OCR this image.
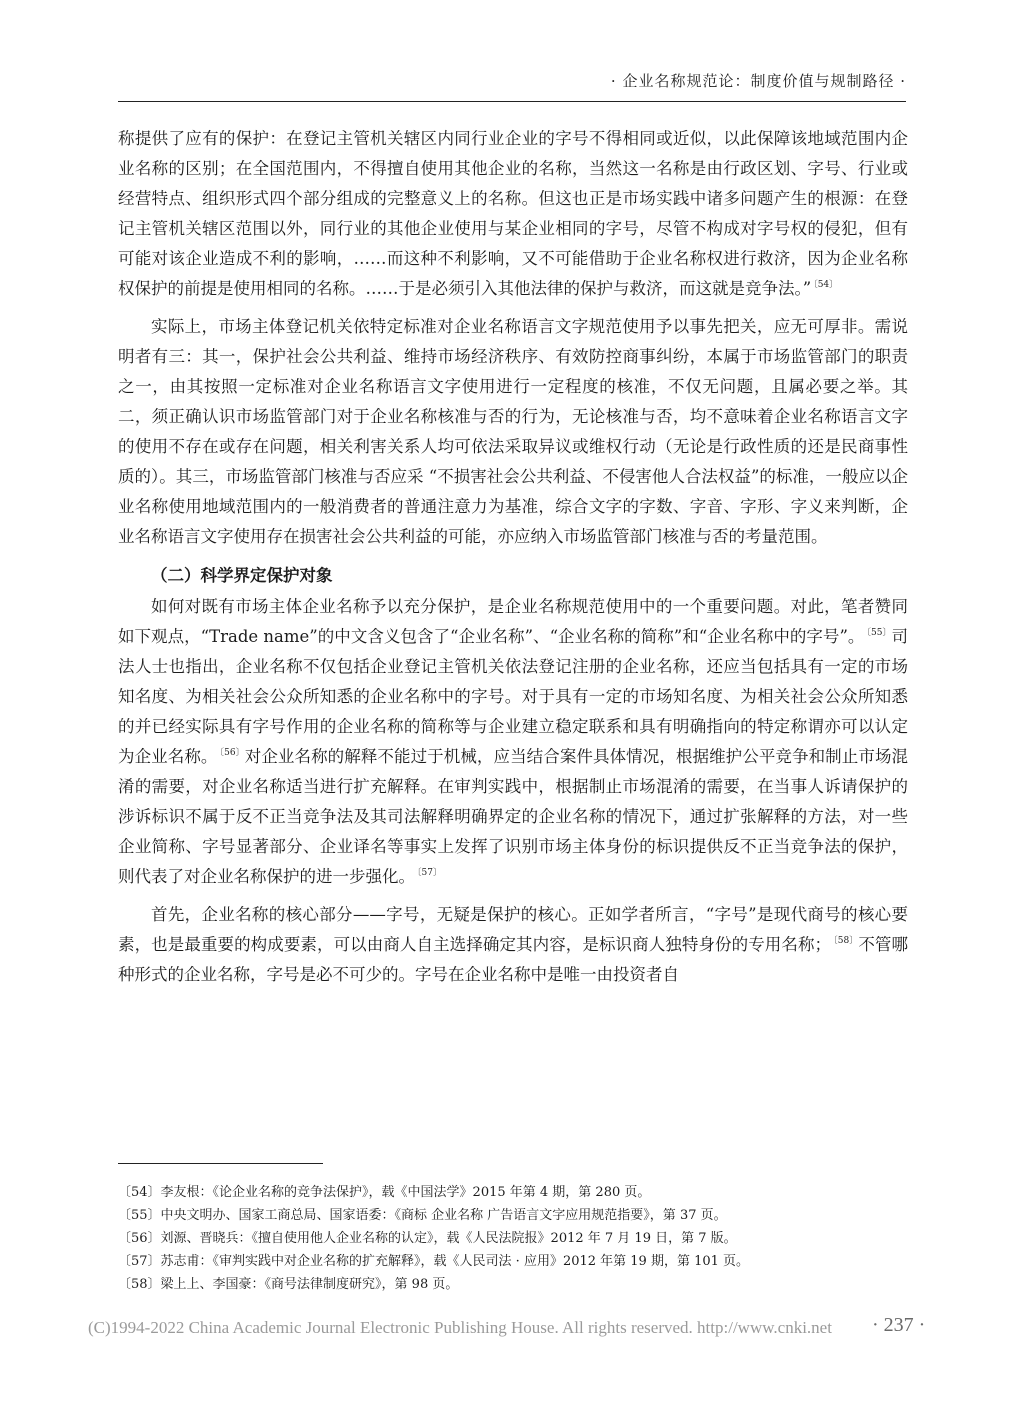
· 企业名称规范论：制度价值与规制路径 ·

称提供了应有的保护：在登记主管机关辖区内同行业企业的字号不得相同或近似，以此保障该地域范围内企业名称的区别；在全国范围内，不得擅自使用其他企业的名称，当然这一名称是由行政区划、字号、行业或经营特点、组织形式四个部分组成的完整意义上的名称。但这也正是市场实践中诸多问题产生的根源：在登记主管机关辖区范围以外，同行业的其他企业使用与某企业相同的字号，尽管不构成对字号权的侵犯，但有可能对该企业造成不利的影响，……而这种不利影响，又不可能借助于企业名称权进行救济，因为企业名称权保护的前提是使用相同的名称。……于是必须引入其他法律的保护与救济，而这就是竞争法。” $^{〔54〕}$

实际上，市场主体登记机关依特定标准对企业名称语言文字规范使用予以事先把关，应无可厚非。需说明者有三：其一，保护社会公共利益、维持市场经济秩序、有效防控商事纠纷，本属于市场监管部门的职责之一，由其按照一定标准对企业名称语言文字使用进行一定程度的核准，不仅无问题，且属必要之举。其二，须正确认识市场监管部门对于企业名称核准与否的行为，无论核准与否，均不意味着企业名称语言文字的使用不存在或存在问题，相关利害关系人均可依法采取异议或维权行动（无论是行政性质的还是民商事性质的）。其三，市场监管部门核准与否应采 “不损害社会公共利益、不侵害他人合法权益”的标准，一般应以企业名称使用地域范围内的一般消费者的普通注意力为基准，综合文字的字数、字音、字形、字义来判断，企业名称语言文字使用存在损害社会公共利益的可能，亦应纳入市场监管部门核准与否的考量范围。

（二）科学界定保护对象

如何对既有市场主体企业名称予以充分保护，是企业名称规范使用中的一个重要问题。对此，笔者赞同如下观点，“Trade name”的中文含义包含了“企业名称”、“企业名称的简称”和“企业名称中的字号”。 $^{〔55〕}$司法人士也指出，企业名称不仅包括企业登记主管机关依法登记注册的企业名称，还应当包括具有一定的市场知名度、为相关社会公众所知悉的企业名称中的字号。对于具有一定的市场知名度、为相关社会公众所知悉的并已经实际具有字号作用的企业名称的简称等与企业建立稳定联系和具有明确指向的特定称谓亦可以认定为企业名称。 $^{〔56〕}$对企业名称的解释不能过于机械，应当结合案件具体情况，根据维护公平竞争和制止市场混淆的需要，对企业名称适当进行扩充解释。在审判实践中，根据制止市场混淆的需要，在当事人诉请保护的涉诉标识不属于反不正当竞争法及其司法解释明确界定的企业名称的情况下，通过扩张解释的方法，对一些企业简称、字号显著部分、企业译名等事实上发挥了识别市场主体身份的标识提供反不正当竞争法的保护，则代表了对企业名称保护的进一步强化。 $^{〔57〕}$

首先，企业名称的核心部分——字号，无疑是保护的核心。正如学者所言，“字号”是现代商号的核心要素，也是最重要的构成要素，可以由商人自主选择确定其内容，是标识商人独特身份的专用名称； $^{〔58〕}$不管哪种形式的企业名称，字号是必不可少的。字号在企业名称中是唯一由投资者自

〔54〕李友根：《论企业名称的竞争法保护》，载《中国法学》2015 年第 4 期，第 280 页。
〔55〕中央文明办、国家工商总局、国家语委：《商标 企业名称 广告语言文字应用规范指要》，第 37 页。
〔56〕刘源、晋晓兵：《擅自使用他人企业名称的认定》，载《人民法院报》2012 年 7 月 19 日，第 7 版。
〔57〕苏志甫：《审判实践中对企业名称的扩充解释》，载《人民司法 · 应用》2012 年第 19 期，第 101 页。
〔58〕梁上上、李国豪：《商号法律制度研究》，第 98 页。
(C)1994-2022 China Academic Journal Electronic Publishing House. All rights reserved. http://www.cnki.net · 237 ·
